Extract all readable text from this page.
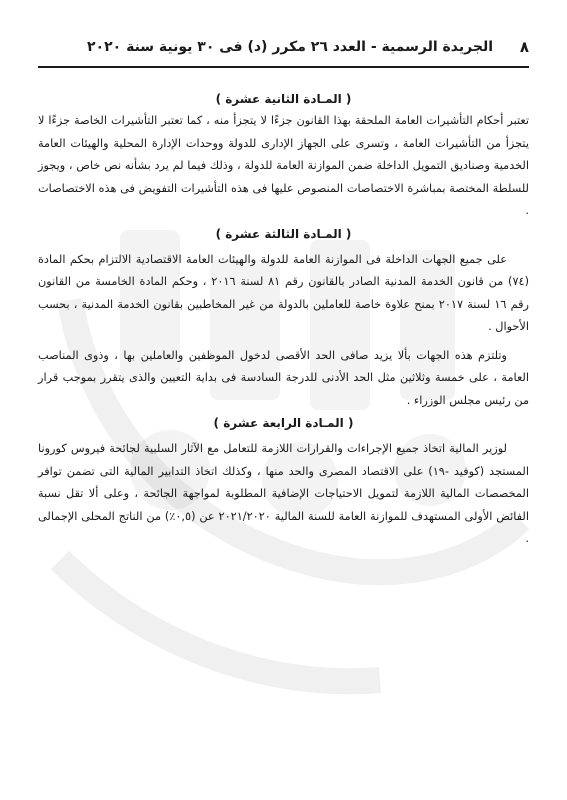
٨
الجريدة الرسمية - العدد ٢٦ مكرر (د) فى ٣٠ يونية سنة ٢٠٢٠
( المـادة الثانية عشرة )

تعتبر أحكام التأشيرات العامة الملحقة بهذا القانون جزءًا لا يتجزأ منه ، كما تعتبر التأشيرات الخاصة جزءًا لا يتجزأ من التأشيرات العامة ، وتسرى على الجهاز الإدارى للدولة ووحدات الإدارة المحلية والهيئات العامة الخدمية وصناديق التمويل الداخلة ضمن الموازنة العامة للدولة ، وذلك فيما لم يرد بشأنه نص خاص ، ويجوز للسلطة المختصة بمباشرة الاختصاصات المنصوص عليها فى هذه التأشيرات التفويض فى هذه الاختصاصات .

( المـادة الثالثة عشرة )

على جميع الجهات الداخلة فى الموازنة العامة للدولة والهيئات العامة الاقتصادية الالتزام بحكم المادة (٧٤) من قانون الخدمة المدنية الصادر بالقانون رقم ٨١ لسنة ٢٠١٦ ، وحكم المادة الخامسة من القانون رقم ١٦ لسنة ٢٠١٧ بمنح علاوة خاصة للعاملين بالدولة من غير المخاطبين بقانون الخدمة المدنية ، بحسب الأحوال .

وتلتزم هذه الجهات بألا يزيد صافى الحد الأقصى لدخول الموظفين والعاملين بها ، وذوى المناصب العامة ، على خمسة وثلاثين مثل الحد الأدنى للدرجة السادسة فى بداية التعيين والذى يتقرر بموجب قرار من رئيس مجلس الوزراء .

( المـادة الرابعة عشرة )

لوزير المالية اتخاذ جميع الإجراءات والقرارات اللازمة للتعامل مع الآثار السلبية لجائحة فيروس كورونا المستجد (كوفيد -١٩) على الاقتصاد المصرى والحد منها ، وكذلك اتخاذ التدابير المالية التى تضمن توافر المخصصات المالية اللازمة لتمويل الاحتياجات الإضافية المطلوبة لمواجهة الجائحة ، وعلى ألا تقل نسبة الفائض الأولى المستهدف للموازنة العامة للسنة المالية ٢٠٢١/٢٠٢٠ عن (٠,٥٪) من الناتج المحلى الإجمالى .
